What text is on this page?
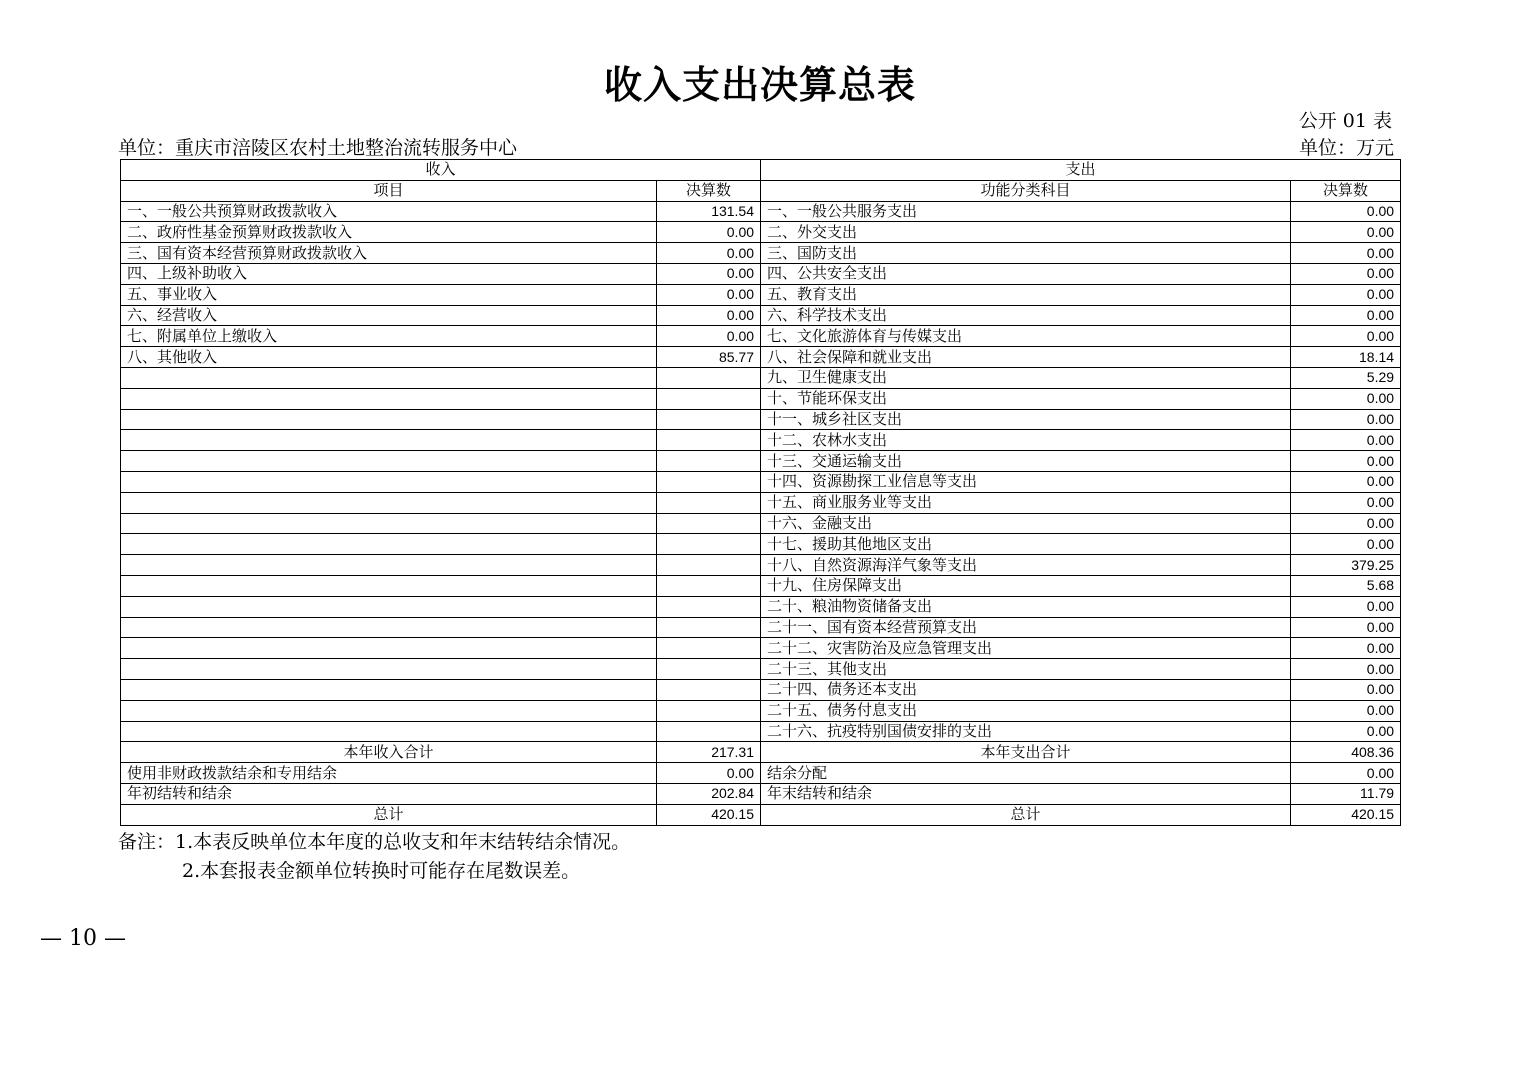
收入支出决算总表
公开 01 表
单位：重庆市涪陵区农村土地整治流转服务中心	单位：万元
收入		支出	
项目	决算数	功能分类科目	决算数
一、一般公共预算财政拨款收入	131.54	一、一般公共服务支出	0.00
二、政府性基金预算财政拨款收入	0.00	二、外交支出	0.00
三、国有资本经营预算财政拨款收入	0.00	三、国防支出	0.00
四、上级补助收入	0.00	四、公共安全支出	0.00
五、事业收入	0.00	五、教育支出	0.00
六、经营收入	0.00	六、科学技术支出	0.00
七、附属单位上缴收入	0.00	七、文化旅游体育与传媒支出	0.00
八、其他收入	85.77	八、社会保障和就业支出	18.14
		九、卫生健康支出	5.29
		十、节能环保支出	0.00
		十一、城乡社区支出	0.00
		十二、农林水支出	0.00
		十三、交通运输支出	0.00
		十四、资源勘探工业信息等支出	0.00
		十五、商业服务业等支出	0.00
		十六、金融支出	0.00
		十七、援助其他地区支出	0.00
		十八、自然资源海洋气象等支出	379.25
		十九、住房保障支出	5.68
		二十、粮油物资储备支出	0.00
		二十一、国有资本经营预算支出	0.00
		二十二、灾害防治及应急管理支出	0.00
		二十三、其他支出	0.00
		二十四、债务还本支出	0.00
		二十五、债务付息支出	0.00
		二十六、抗疫特别国债安排的支出	0.00
本年收入合计	217.31	本年支出合计	408.36
使用非财政拨款结余和专用结余	0.00	结余分配	0.00
年初结转和结余	202.84	年末结转和结余	11.79
总计	420.15	总计	420.15
备注：1.本表反映单位本年度的总收支和年末结转结余情况。
2.本套报表金额单位转换时可能存在尾数误差。
— 10 —
